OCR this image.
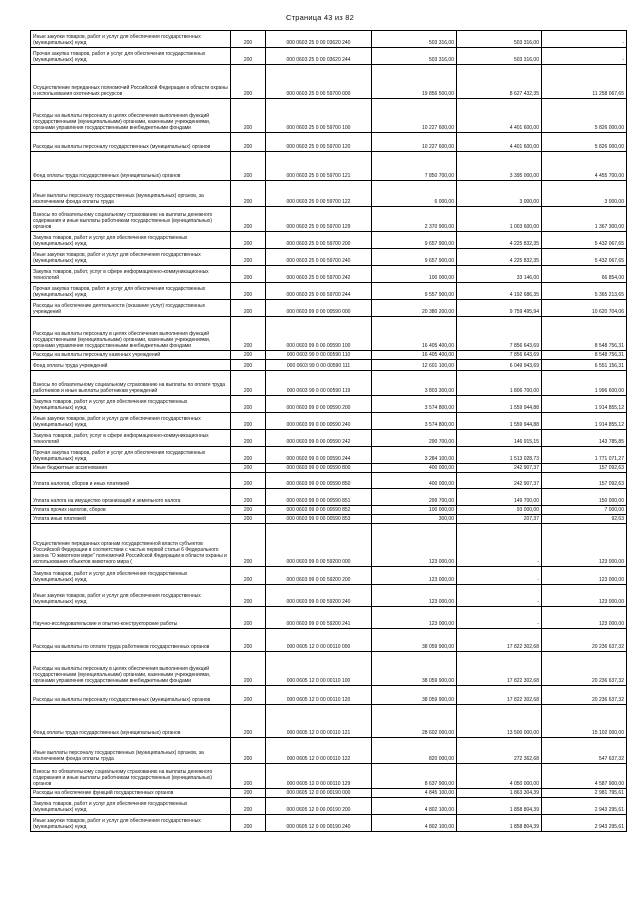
Страница 43 из 82
Иные закупки товаров, работ и услуг для обеспечения государственных (муниципальных) нужд	200	000 0603 25 0 00 03620 240	503 316,00	503 316,00	-
Прочая закупка товаров, работ и услуг для обеспечения государственных (муниципальных) нужд	200	000 0603 25 0 00 03620 244	503 316,00	503 316,00	-
Осуществление переданных полномочий Российской Федерации в области охраны и использования охотничьих ресурсов	200	000 0603 25 0 00 59700 000	19 856 500,00	8 627 432,35	11 258 067,65
Расходы на выплаты персоналу в целях обеспечения выполнения функций государственными (муниципальными) органами, казенными учреждениями, органами управления государственными внебюджетными фондами	200	000 0603 25 0 00 59700 100	10 227 600,00	4 401 600,00	5 826 000,00
Расходы на выплаты персоналу государственных (муниципальных) органов	200	000 0603 25 0 00 59700 120	10 227 600,00	4 401 600,00	5 826 000,00
Фонд оплаты труда государственных (муниципальных) органов	200	000 0603 25 0 00 59700 121	7 850 700,00	3 395 000,00	4 455 700,00
Иные выплаты персоналу государственных (муниципальных) органов, за исключением фонда оплаты труда	200	000 0603 25 0 00 59700 122	6 000,00	3 000,00	3 000,00
Взносы по обязательному социальному страхованию на выплаты денежного содержания и иные выплаты работникам государственных (муниципальных) органов	200	000 0603 25 0 00 59700 129	2 370 900,00	1 003 600,00	1 367 300,00
Закупка товаров, работ и услуг для обеспечения государственных (муниципальных) нужд	200	000 0603 25 0 00 59700 200	9 657 900,00	4 225 832,35	5 432 067,65
Иные закупки товаров, работ и услуг для обеспечения государственных (муниципальных) нужд	200	000 0603 25 0 00 59700 240	9 657 900,00	4 225 832,35	5 432 067,65
Закупка товаров, работ, услуг в сфере информационно-коммуникационных технологий	200	000 0603 25 0 00 59700 242	100 000,00	33 146,00	66 854,00
Прочая закупка товаров, работ и услуг для обеспечения государственных (муниципальных) нужд	200	000 0603 25 0 00 59700 244	9 557 900,00	4 192 686,35	5 365 213,65
Расходы на обеспечение деятельности (оказание услуг) государственных учреждений	200	000 0603 99 0 00 00590 000	20 380 200,00	9 759 495,94	10 620 704,06
Расходы на выплаты персоналу в целях обеспечения выполнения функций государственными (муниципальными) органами, казенными учреждениями, органами управления государственными внебюджетными фондами	200	000 0603 99 0 00 00590 100	16 405 400,00	7 856 643,69	8 548 756,31
Расходы на выплаты персоналу казенных учреждений	200	000 0603 99 0 00 00590 110	16 405 400,00	7 856 643,69	8 548 756,31
Фонд оплаты труда учреждений	200	000 0603 99 0 00 00590 111	12 601 100,00	6 049 943,69	6 551 156,31
Взносы по обязательному социальному страхованию на выплаты по оплате труда работников и иные выплаты работникам учреждений	200	000 0603 99 0 00 00590 119	3 803 300,00	1 806 700,00	1 996 600,00
Закупка товаров, работ и услуг для обеспечения государственных (муниципальных) нужд	200	000 0603 99 0 00 00590 200	3 574 800,00	1 559 944,88	1 914 855,12
Иные закупки товаров, работ и услуг для обеспечения государственных (муниципальных) нужд	200	000 0603 99 0 00 00590 240	3 574 800,00	1 559 944,88	1 914 855,12
Закупка товаров, работ, услуг в сфере информационно-коммуникационных технологий	200	000 0603 99 0 00 00590 242	290 700,00	146 915,15	143 785,85
Прочая закупка товаров, работ и услуг для обеспечения государственных (муниципальных) нужд	200	000 0603 99 0 00 00590 244	3 284 100,00	1 513 028,73	1 771 071,27
Иные бюджетные ассигнования	200	000 0603 99 0 00 00590 800	400 000,00	242 907,37	157 092,63
Уплата налогов, сборов и иных платежей	200	000 0603 99 0 00 00590 850	400 000,00	242 907,37	157 092,63
Уплата налога на имущество организаций и земельного налога	200	000 0603 99 0 00 00590 851	299 700,00	149 700,00	150 000,00
Уплата прочих налогов, сборов	200	000 0603 99 0 00 00590 852	100 000,00	93 000,00	7 000,00
Уплата иных платежей	200	000 0603 99 0 00 00590 853	300,00	207,37	92,63
Осуществление переданных органам государственной власти субъектов Российской Федерации в соответствии с частью первой статьи 6 Федерального закона "О животном мире" полномочий Российской Федерации в области охраны и использования объектов животного мира (	200	000 0603 99 0 00 59200 000	123 000,00	-	123 000,00
Закупка товаров, работ и услуг для обеспечения государственных (муниципальных) нужд	200	000 0603 99 0 00 59200 200	123 000,00	-	123 000,00
Иные закупки товаров, работ и услуг для обеспечения государственных (муниципальных) нужд	200	000 0603 99 0 00 59200 240	123 000,00	-	123 000,00
Научно-исследовательские и опытно-конструкторские работы	200	000 0603 99 0 00 59200 241	123 000,00	-	123 000,00
Расходы на выплаты по оплате труда работников государственных органов	200	000 0605 12 0 00 00110 000	38 059 900,00	17 822 302,68	20 236 637,32
Расходы на выплаты персоналу в целях обеспечения выполнения функций государственными (муниципальными) органами, казенными учреждениями, органами управления государственными внебюджетными фондами	200	000 0605 12 0 00 00110 100	38 059 900,00	17 822 302,68	20 236 637,32
Расходы на выплаты персоналу государственных (муниципальных) органов	200	000 0605 12 0 00 00110 120	38 059 900,00	17 822 302,68	20 236 637,32
Фонд оплаты труда государственных (муниципальных) органов	200	000 0605 12 0 00 00110 121	28 602 000,00	13 500 000,00	15 102 000,00
Иные выплаты персоналу государственных (муниципальных) органов, за исключением фонда оплаты труда	200	000 0605 12 0 00 00110 122	820 000,00	272 362,68	547 637,32
Взносы по обязательному социальному страхованию на выплаты денежного содержания и иные выплаты работникам государственных (муниципальных) органов	200	000 0605 12 0 00 00110 129	8 637 900,00	4 050 000,00	4 587 900,00
Расходы на обеспечение функций государственных органов	200	000 0605 12 0 00 00190 000	4 845 100,00	1 863 304,39	2 981 795,61
Закупка товаров, работ и услуг для обеспечения государственных (муниципальных) нужд	200	000 0605 12 0 00 00190 200	4 802 100,00	1 858 804,39	2 943 295,61
Иные закупки товаров, работ и услуг для обеспечения государственных (муниципальных) нужд	200	000 0605 12 0 00 00190 240	4 802 100,00	1 858 804,39	2 943 295,61
